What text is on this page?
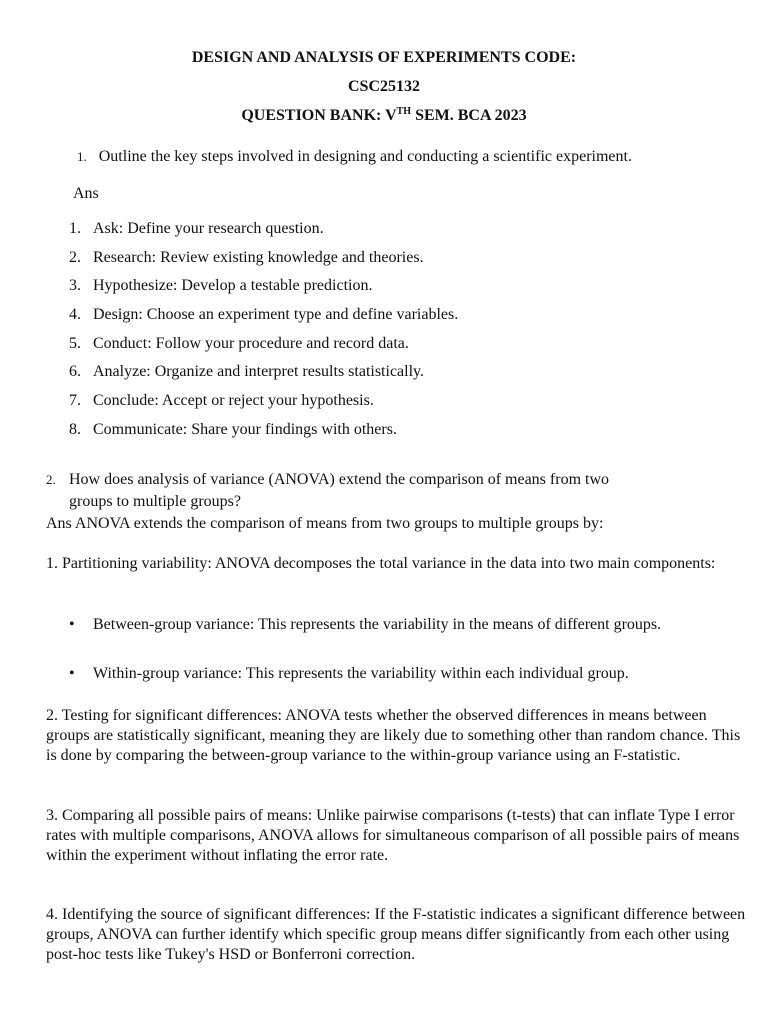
DESIGN AND ANALYSIS OF EXPERIMENTS CODE:
CSC25132
QUESTION BANK: VTH SEM. BCA 2023
1. Outline the key steps involved in designing and conducting a scientific experiment.
Ans
1. Ask: Define your research question.
2. Research: Review existing knowledge and theories.
3. Hypothesize: Develop a testable prediction.
4. Design: Choose an experiment type and define variables.
5. Conduct: Follow your procedure and record data.
6. Analyze: Organize and interpret results statistically.
7. Conclude: Accept or reject your hypothesis.
8. Communicate: Share your findings with others.
2. How does analysis of variance (ANOVA) extend the comparison of means from two
groups to multiple groups?
Ans ANOVA extends the comparison of means from two groups to multiple groups by:
1. Partitioning variability: ANOVA decomposes the total variance in the data into two main components:
• Between-group variance: This represents the variability in the means of different groups.
• Within-group variance: This represents the variability within each individual group.
2. Testing for significant differences: ANOVA tests whether the observed differences in means between groups are statistically significant, meaning they are likely due to something other than random chance. This is done by comparing the between-group variance to the within-group variance using an F-statistic.
3. Comparing all possible pairs of means: Unlike pairwise comparisons (t-tests) that can inflate Type I error rates with multiple comparisons, ANOVA allows for simultaneous comparison of all possible pairs of means within the experiment without inflating the error rate.
4. Identifying the source of significant differences: If the F-statistic indicates a significant difference between groups, ANOVA can further identify which specific group means differ significantly from each other using post-hoc tests like Tukey's HSD or Bonferroni correction.
